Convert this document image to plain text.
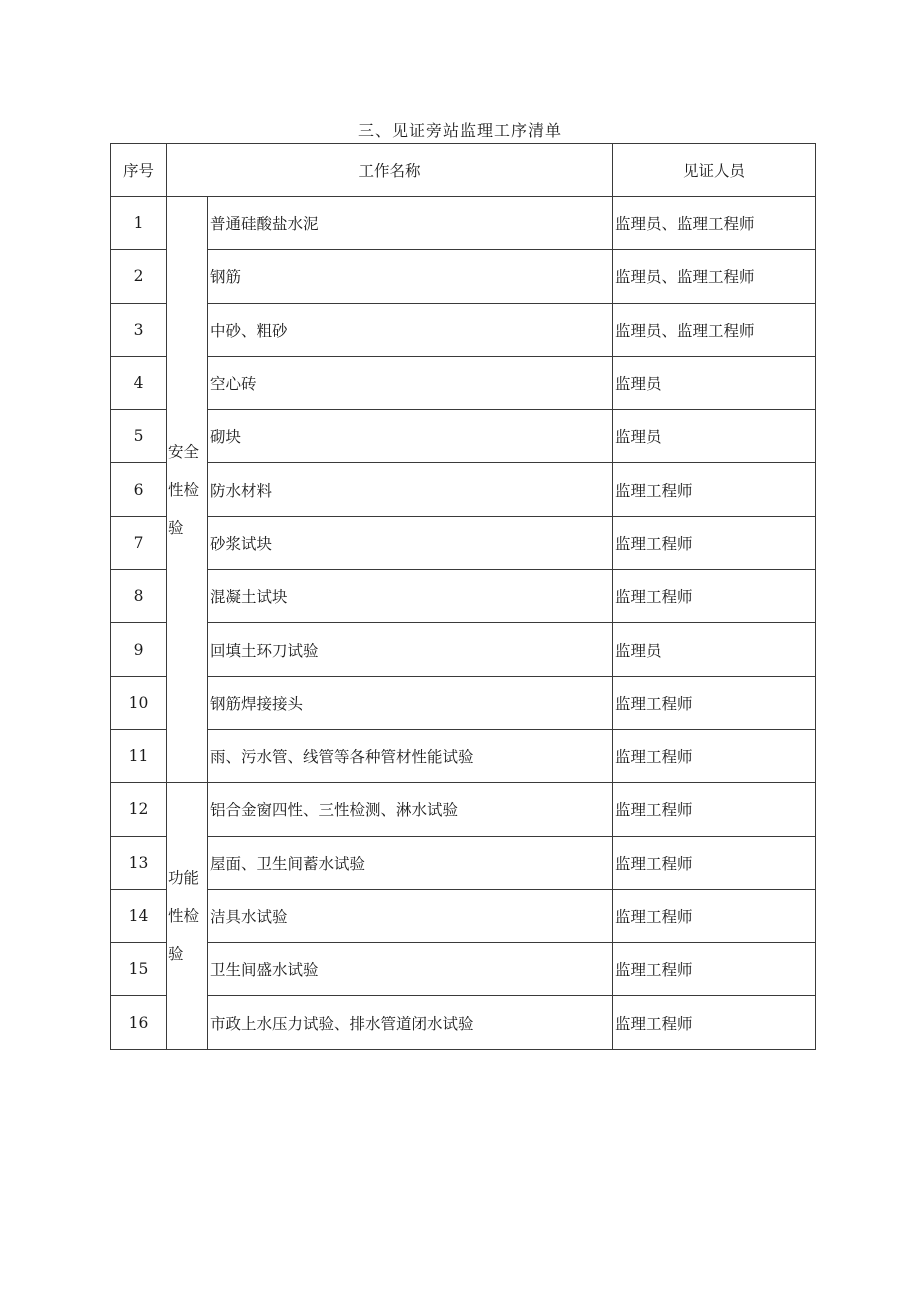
三、见证旁站监理工序清单
序号	工作名称		见证人员
1	安全性检验	普通硅酸盐水泥	监理员、监理工程师
2		钢筋	监理员、监理工程师
3		中砂、粗砂	监理员、监理工程师
4		空心砖	监理员
5		砌块	监理员
6		防水材料	监理工程师
7		砂浆试块	监理工程师
8		混凝土试块	监理工程师
9		回填土环刀试验	监理员
10		钢筋焊接接头	监理工程师
11		雨、污水管、线管等各种管材性能试验	监理工程师
12	功能性检验	铝合金窗四性、三性检测、淋水试验	监理工程师
13		屋面、卫生间蓄水试验	监理工程师
14		洁具水试验	监理工程师
15		卫生间盛水试验	监理工程师
16		市政上水压力试验、排水管道闭水试验	监理工程师
